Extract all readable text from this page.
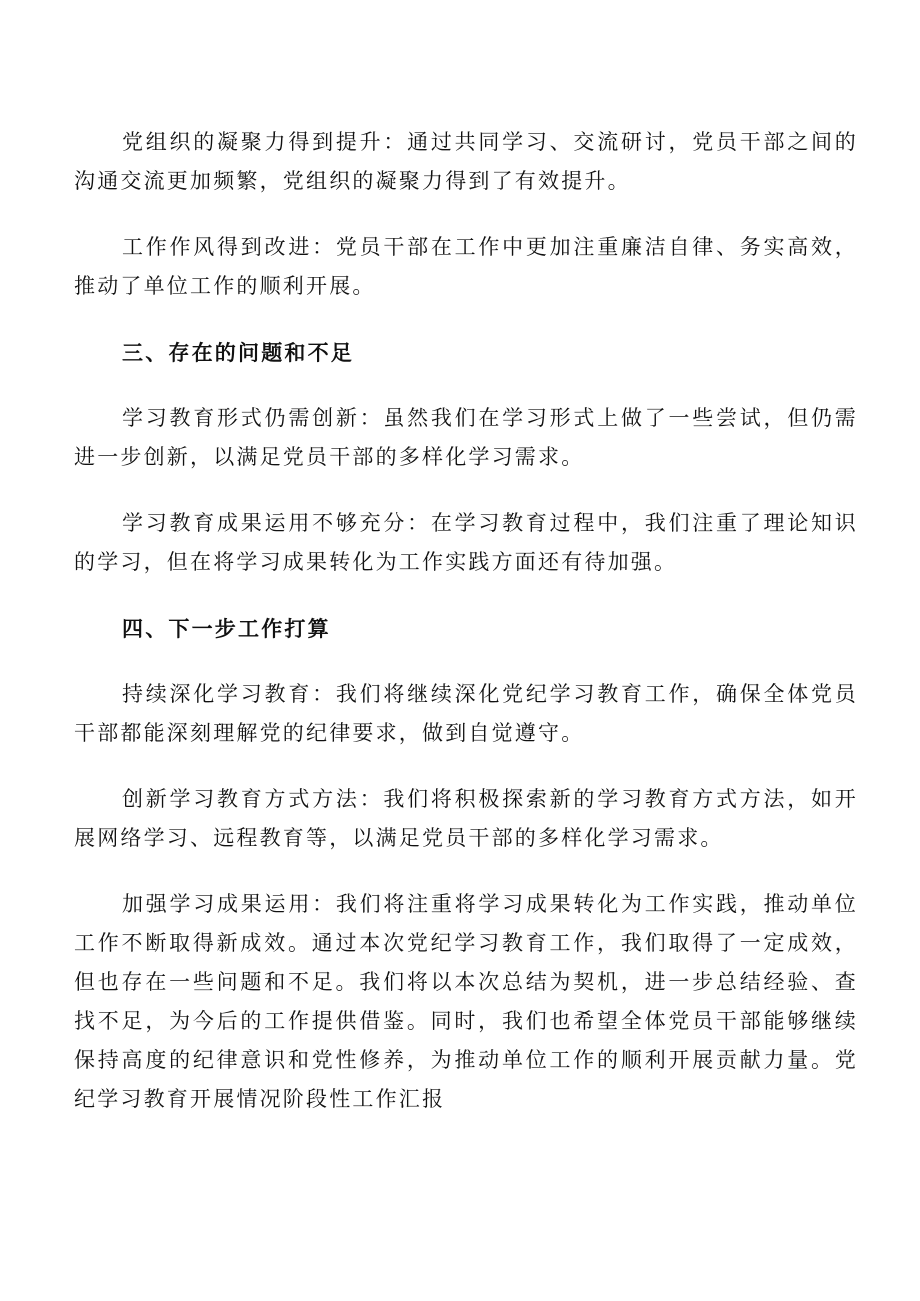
党组织的凝聚力得到提升：通过共同学习、交流研讨，党员干部之间的沟通交流更加频繁，党组织的凝聚力得到了有效提升。

工作作风得到改进：党员干部在工作中更加注重廉洁自律、务实高效，推动了单位工作的顺利开展。

三、存在的问题和不足

学习教育形式仍需创新：虽然我们在学习形式上做了一些尝试，但仍需进一步创新，以满足党员干部的多样化学习需求。

学习教育成果运用不够充分：在学习教育过程中，我们注重了理论知识的学习，但在将学习成果转化为工作实践方面还有待加强。

四、下一步工作打算

持续深化学习教育：我们将继续深化党纪学习教育工作，确保全体党员干部都能深刻理解党的纪律要求，做到自觉遵守。

创新学习教育方式方法：我们将积极探索新的学习教育方式方法，如开展网络学习、远程教育等，以满足党员干部的多样化学习需求。

加强学习成果运用：我们将注重将学习成果转化为工作实践，推动单位工作不断取得新成效。通过本次党纪学习教育工作，我们取得了一定成效，但也存在一些问题和不足。我们将以本次总结为契机，进一步总结经验、查找不足，为今后的工作提供借鉴。同时，我们也希望全体党员干部能够继续保持高度的纪律意识和党性修养，为推动单位工作的顺利开展贡献力量。党纪学习教育开展情况阶段性工作汇报
